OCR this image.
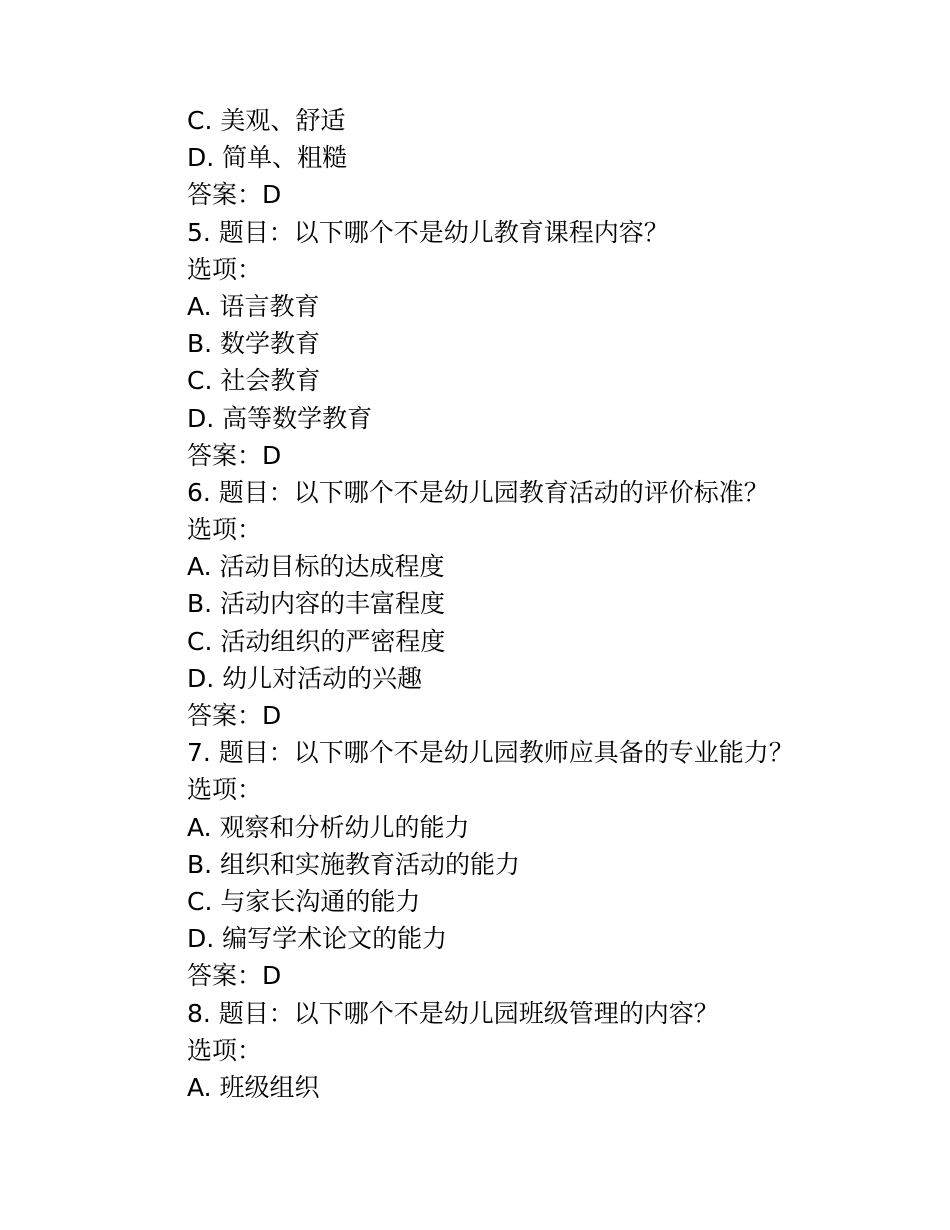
C. 美观、舒适
D. 简单、粗糙
答案：D
5. 题目：以下哪个不是幼儿教育课程内容？
选项：
A. 语言教育
B. 数学教育
C. 社会教育
D. 高等数学教育
答案：D
6. 题目：以下哪个不是幼儿园教育活动的评价标准？
选项：
A. 活动目标的达成程度
B. 活动内容的丰富程度
C. 活动组织的严密程度
D. 幼儿对活动的兴趣
答案：D
7. 题目：以下哪个不是幼儿园教师应具备的专业能力？
选项：
A. 观察和分析幼儿的能力
B. 组织和实施教育活动的能力
C. 与家长沟通的能力
D. 编写学术论文的能力
答案：D
8. 题目：以下哪个不是幼儿园班级管理的内容？
选项：
A. 班级组织
